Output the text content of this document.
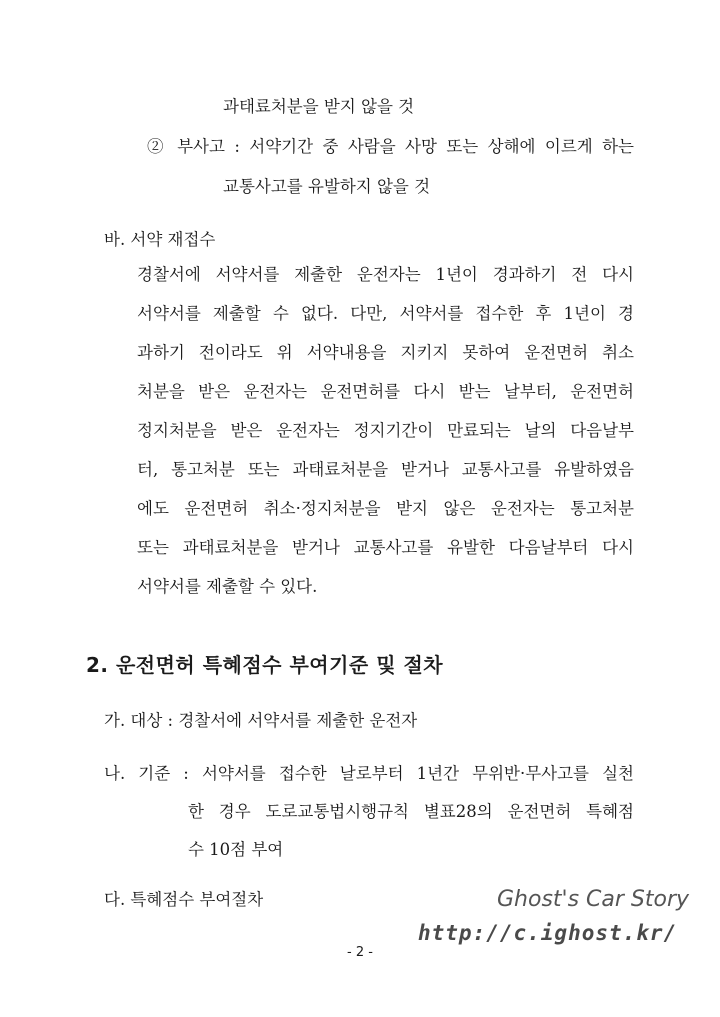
과태료처분을 받지 않을 것
② 부사고 : 서약기간 중 사람을 사망 또는 상해에 이르게 하는
교통사고를 유발하지 않을 것
바. 서약 재접수
경찰서에 서약서를 제출한 운전자는 1년이 경과하기 전 다시
서약서를 제출할 수 없다. 다만, 서약서를 접수한 후 1년이 경
과하기 전이라도 위 서약내용을 지키지 못하여 운전면허 취소
처분을 받은 운전자는 운전면허를 다시 받는 날부터, 운전면허
정지처분을 받은 운전자는 정지기간이 만료되는 날의 다음날부
터, 통고처분 또는 과태료처분을 받거나 교통사고를 유발하였음
에도 운전면허 취소·정지처분을 받지 않은 운전자는 통고처분
또는 과태료처분을 받거나 교통사고를 유발한 다음날부터 다시
서약서를 제출할 수 있다.
2. 운전면허 특혜점수 부여기준 및 절차
가. 대상 : 경찰서에 서약서를 제출한 운전자
나. 기준 : 서약서를 접수한 날로부터 1년간 무위반·무사고를 실천
한 경우 도로교통법시행규칙 별표28의 운전면허 특혜점
수 10점 부여
다. 특혜점수 부여절차	Ghost's Car Story
http://c.ighost.kr/
- 2 -
